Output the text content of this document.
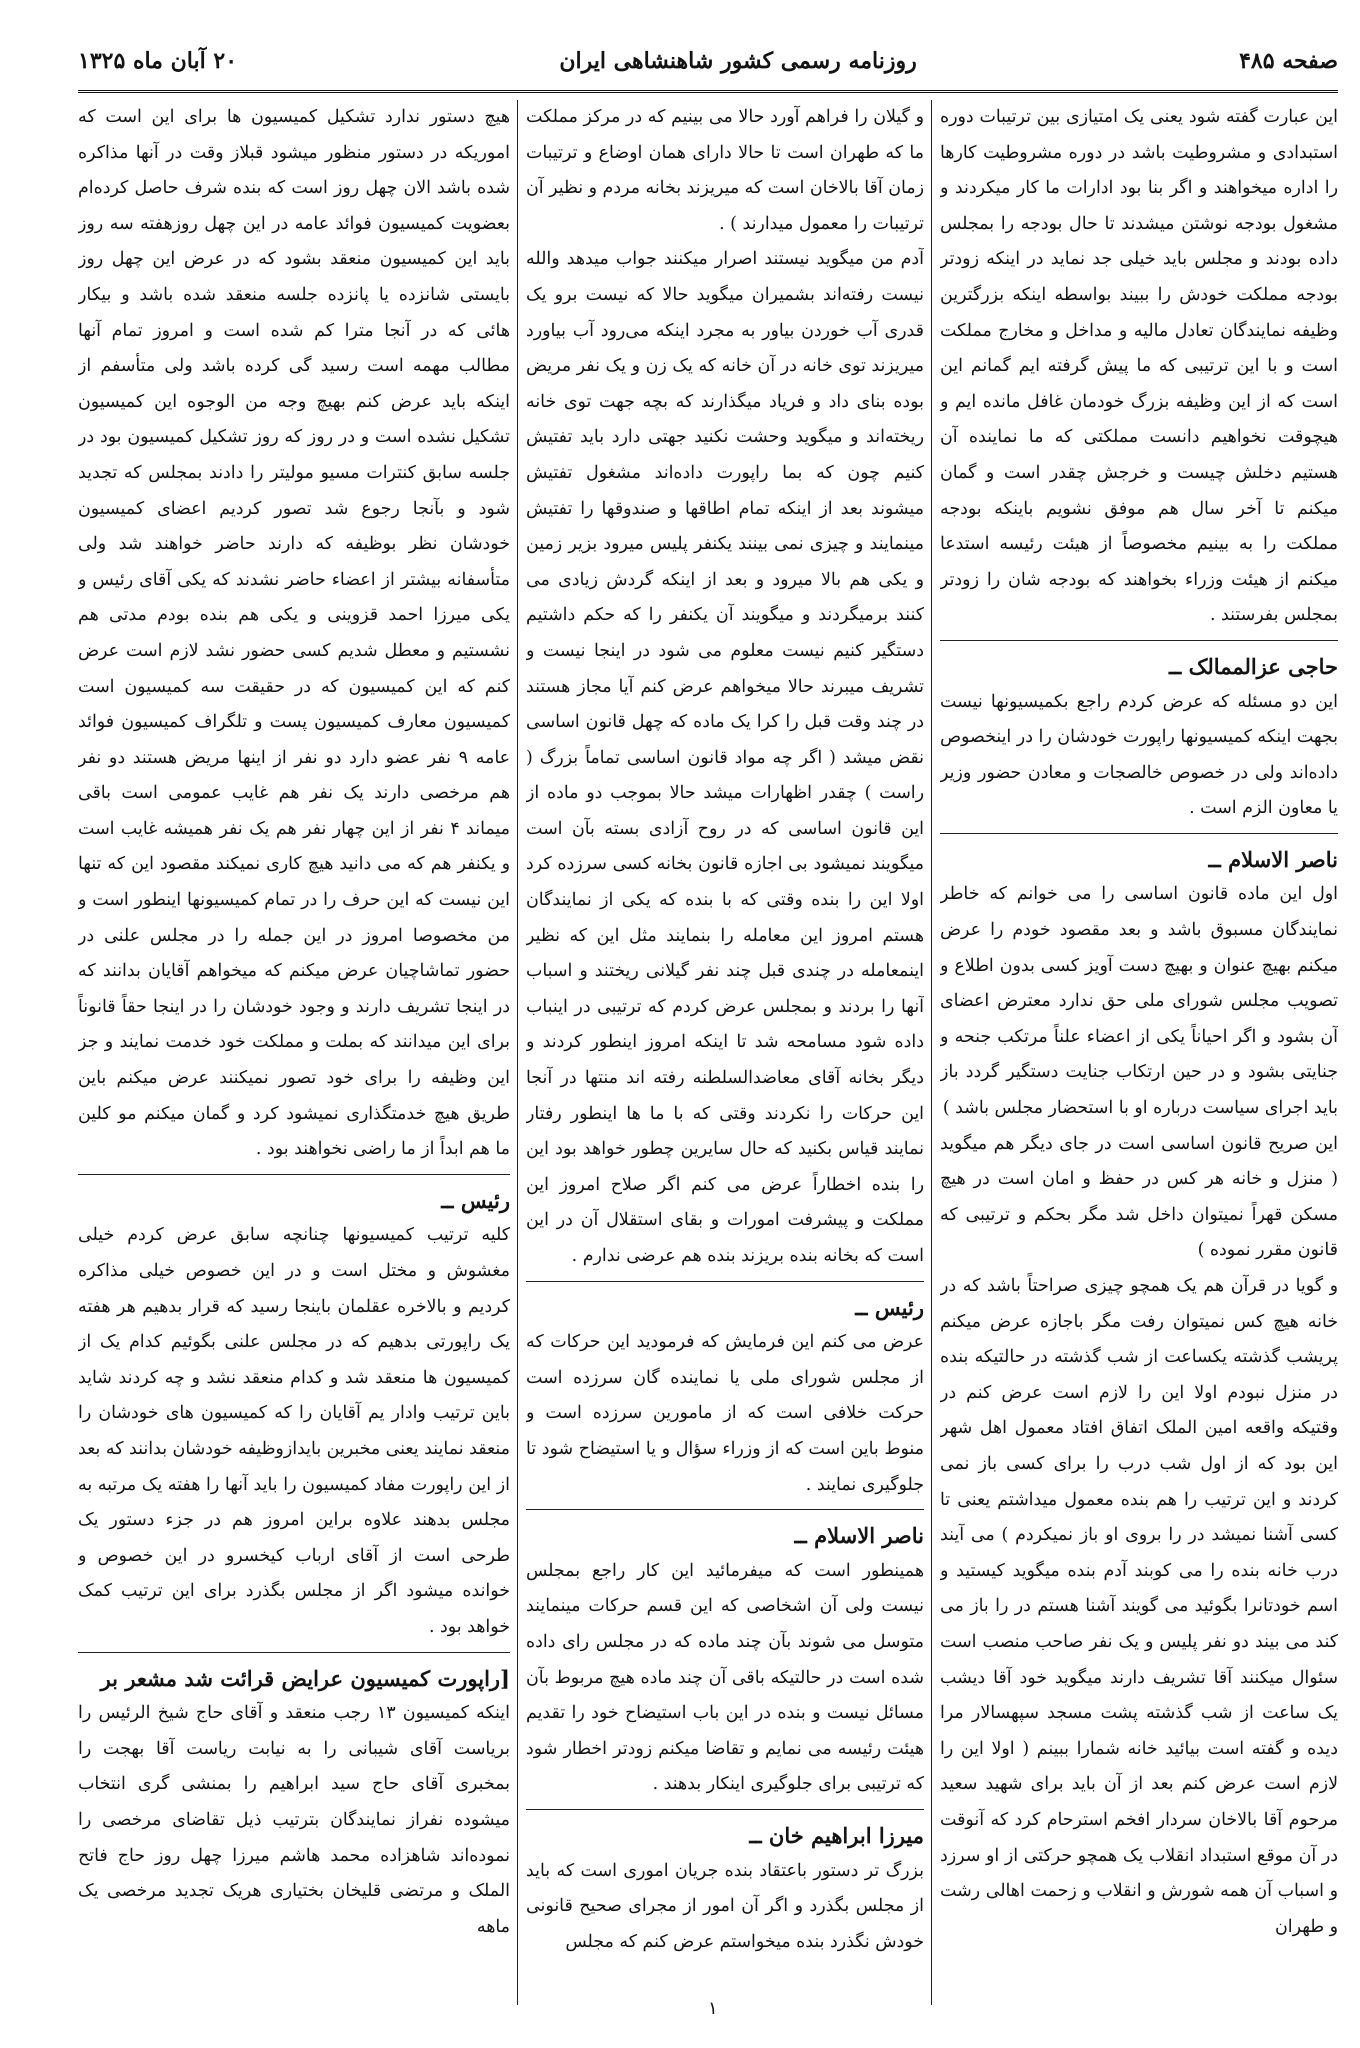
صفحه ۴۸۵
روزنامه رسمی کشور شاهنشاهی ایران
۲۰ آبان ماه ۱۳۲۵

این عبارت گفته شود یعنی یک امتیازی بین ترتیبات دوره استبدادی و مشروطیت باشد در دوره مشروطیت کارها را اداره میخواهند و اگر بنا بود ادارات ما کار میکردند و مشغول بودجه نوشتن میشدند تا حال بودجه را بمجلس داده بودند و مجلس باید خیلی جد نماید در اینکه زودتر بودجه مملکت خودش را ببیند بواسطه اینکه بزرگترین وظیفه نمایندگان تعادل مالیه و مداخل و مخارج مملکت است و با این ترتیبی که ما پیش گرفته ایم گمانم این است که از این وظیفه بزرگ خودمان غافل مانده ایم و هیچوقت نخواهیم دانست مملکتی که ما نماینده آن هستیم دخلش چیست و خرجش چقدر است و گمان میکنم تا آخر سال هم موفق نشویم باینکه بودجه مملکت را به بینیم مخصوصاً از هیئت رئیسه استدعا میکنم از هیئت وزراء بخواهند که بودجه شان را زودتر بمجلس بفرستند .

حاجی عزالممالک ــ

این دو مسئله که عرض کردم راجع بکمیسیونها نیست بجهت اینکه کمیسیونها راپورت خودشان را در اینخصوص داده‌اند ولی در خصوص خالصجات و معادن حضور وزیر یا معاون الزم است .

ناصر الاسلام ــ

اول این ماده قانون اساسی را می خوانم که خاطر نمایندگان مسبوق باشد و بعد مقصود خودم را عرض میکنم بهیچ عنوان و بهیچ دست آویز کسی بدون اطلاع و تصویب مجلس شورای ملی حق ندارد معترض اعضای آن بشود و اگر احیاناً یکی از اعضاء علناً مرتکب جنحه و جنایتی بشود و در حین ارتکاب جنایت دستگیر گردد باز باید اجرای سیاست درباره او با استحضار مجلس باشد )

این صریح قانون اساسی است در جای دیگر هم میگوید ( منزل و خانه هر کس در حفظ و امان است در هیچ مسکن قهراً نمیتوان داخل شد مگر بحکم و ترتیبی که قانون مقرر نموده )

و گویا در قرآن هم یک همچو چیزی صراحتاً باشد که در خانه هیچ کس نمیتوان رفت مگر باجازه عرض میکنم پریشب گذشته یکساعت از شب گذشته در حالتیکه بنده در منزل نبودم اولا این را لازم است عرض کنم در وقتیکه واقعه امین الملک اتفاق افتاد معمول اهل شهر این بود که از اول شب درب را برای کسی باز نمی کردند و این ترتیب را هم بنده معمول میداشتم یعنی تا کسی آشنا نمیشد در را بروی او باز نمیکردم ) می آیند درب خانه بنده را می کوبند آدم بنده میگوید کیستید و اسم خودتانرا بگوئید می گویند آشنا هستم در را باز می کند می بیند دو نفر پلیس و یک نفر صاحب منصب است سئوال میکنند آقا تشریف دارند میگوید خود آقا دیشب یک ساعت از شب گذشته پشت مسجد سپهسالار مرا دیده و گفته است بیائید خانه شمارا ببینم ( اولا این را لازم است عرض کنم بعد از آن باید برای شهید سعید مرحوم آقا بالاخان سردار افخم استرحام کرد که آنوقت در آن موقع استبداد انقلاب یک همچو حرکتی از او سرزد و اسباب آن همه شورش و انقلاب و زحمت اهالی رشت و طهران

و گیلان را فراهم آورد حالا می بینیم که در مرکز مملکت ما که طهران است تا حالا دارای همان اوضاع و ترتیبات زمان آقا بالاخان است که میریزند بخانه مردم و نظیر آن ترتیبات را معمول میدارند ) .

آدم من میگوید نیستند اصرار میکنند جواب میدهد والله نیست رفته‌اند بشمیران میگوید حالا که نیست برو یک قدری آب خوردن بیاور به مجرد اینکه می‌رود آب بیاورد میریزند توی خانه در آن خانه که یک زن و یک نفر مریض بوده بنای داد و فریاد میگذارند که بچه جهت توی خانه ریخته‌اند و میگوید وحشت نکنید جهتی دارد باید تفتیش کنیم چون که بما راپورت داده‌اند مشغول تفتیش میشوند بعد از اینکه تمام اطاقها و صندوقها را تفتیش مینمایند و چیزی نمی بینند یکنفر پلیس میرود بزیر زمین و یکی هم بالا میرود و بعد از اینکه گردش زیادی می کنند برمیگردند و میگویند آن یکنفر را که حکم داشتیم دستگیر کنیم نیست معلوم می شود در اینجا نیست و تشریف میبرند حالا میخواهم عرض کنم آیا مجاز هستند در چند وقت قبل را کرا یک ماده که چهل قانون اساسی نقض میشد ( اگر چه مواد قانون اساسی تماماً بزرگ ( راست ) چقدر اظهارات میشد حالا بموجب دو ماده از این قانون اساسی که در روح آزادی بسته بآن است میگویند نمیشود بی اجازه قانون بخانه کسی سرزده کرد اولا این را بنده وقتی که با بنده که یکی از نمایندگان هستم امروز این معامله را بنمایند مثل این که نظیر اینمعامله در چندی قبل چند نفر گیلانی ریختند و اسباب آنها را بردند و بمجلس عرض کردم که ترتیبی در اینباب داده شود مسامحه شد تا اینکه امروز اینطور کردند و دیگر بخانه آقای معاضدالسلطنه رفته اند منتها در آنجا این حرکات را نکردند وقتی که با ما ها اینطور رفتار نمایند قیاس بکنید که حال سایرین چطور خواهد بود این را بنده اخطاراً عرض می کنم اگر صلاح امروز این مملکت و پیشرفت امورات و بقای استقلال آن در این است که بخانه بنده بریزند بنده هم عرضی ندارم .

رئیس ــ

عرض می کنم این فرمایش که فرمودید این حرکات که از مجلس شورای ملی یا نماینده گان سرزده است حرکت خلافی است که از مامورین سرزده است و منوط باین است که از وزراء سؤال و یا استیضاح شود تا جلوگیری نمایند .

ناصر الاسلام ــ

همینطور است که میفرمائید این کار راجع بمجلس نیست ولی آن اشخاصی که این قسم حرکات مینمایند متوسل می شوند بآن چند ماده که در مجلس رای داده شده است در حالتیکه باقی آن چند ماده هیچ مربوط بآن مسائل نیست و بنده در این باب استیضاح خود را تقدیم هیئت رئیسه می نمایم و تقاضا میکنم زودتر اخطار شود که ترتیبی برای جلوگیری اینکار بدهند .

میرزا ابراهیم خان ــ

بزرگ تر دستور باعتقاد بنده جریان اموری است که باید از مجلس بگذرد و اگر آن امور از مجرای صحیح قانونی خودش نگذرد بنده میخواستم عرض کنم که مجلس

هیچ دستور ندارد تشکیل کمیسیون ها برای این است که اموریکه در دستور منظور میشود قبلاز وقت در آنها مذاکره شده باشد الان چهل روز است که بنده شرف حاصل کرده‌ام بعضویت کمیسیون فوائد عامه در این چهل روزهفته سه روز باید این کمیسیون منعقد بشود که در عرض این چهل روز بایستی شانزده یا پانزده جلسه منعقد شده باشد و بیکار هائی که در آنجا مترا کم شده است و امروز تمام آنها مطالب مهمه است رسید گی کرده باشد ولی متأسفم از اینکه باید عرض کنم بهیچ وجه من الوجوه این کمیسیون تشکیل نشده است و در روز که روز تشکیل کمیسیون بود در جلسه سابق کنترات مسیو مولیتر را دادند بمجلس که تجدید شود و بآنجا رجوع شد تصور کردیم اعضای کمیسیون خودشان نظر بوظیفه که دارند حاضر خواهند شد ولی متأسفانه بیشتر از اعضاء حاضر نشدند که یکی آقای رئیس و یکی میرزا احمد قزوینی و یکی هم بنده بودم مدتی هم نشستیم و معطل شدیم کسی حضور نشد لازم است عرض کنم که این کمیسیون که در حقیقت سه کمیسیون است کمیسیون معارف کمیسیون پست و تلگراف کمیسیون فوائد عامه ۹ نفر عضو دارد دو نفر از اینها مریض هستند دو نفر هم مرخصی دارند یک نفر هم غایب عمومی است باقی میماند ۴ نفر از این چهار نفر هم یک نفر همیشه غایب است و یکنفر هم که می دانید هیچ کاری نمیکند مقصود این که تنها این نیست که این حرف را در تمام کمیسیونها اینطور است و من مخصوصا امروز در این جمله را در مجلس علنی در حضور تماشاچیان عرض میکنم که میخواهم آقایان بدانند که در اینجا تشریف دارند و وجود خودشان را در اینجا حقاً قانوناً برای این میدانند که بملت و مملکت خود خدمت نمایند و جز این وظیفه را برای خود تصور نمیکنند عرض میکنم باین طریق هیچ خدمتگذاری نمیشود کرد و گمان میکنم مو کلین ما هم ابداً از ما راضی نخواهند بود .

رئیس ــ

کلیه ترتیب کمیسیونها چنانچه سابق عرض کردم خیلی مغشوش و مختل است و در این خصوص خیلی مذاکره کردیم و بالاخره عقلمان باینجا رسید که قرار بدهیم هر هفته یک راپورتی بدهیم که در مجلس علنی بگوئیم کدام یک از کمیسیون ها منعقد شد و کدام منعقد نشد و چه کردند شاید باین ترتیب وادار یم آقایان را که کمیسیون های خودشان را منعقد نمایند یعنی مخبرین بایدازوظیفه خودشان بدانند که بعد از این راپورت مفاد کمیسیون را باید آنها را هفته یک مرتبه به مجلس بدهند علاوه براین امروز هم در جزء دستور یک طرحی است از آقای ارباب کیخسرو در این خصوص و خوانده میشود اگر از مجلس بگذرد برای این ترتیب کمک خواهد بود .

[راپورت کمیسیون عرایض قرائت شد مشعر بر

اینکه کمیسیون ۱۳ رجب منعقد و آقای حاج شیخ الرئیس را بریاست آقای شیبانی را به نیابت ریاست آقا بهجت را بمخبری آقای حاج سید ابراهیم را بمنشی گری انتخاب میشوده نفراز نمایندگان بترتیب ذیل تقاضای مرخصی را نموده‌اند شاهزاده محمد هاشم میرزا چهل روز حاج فاتح الملک و مرتضی قلیخان بختیاری هریک تجدید مرخصی یک ماهه

۱
